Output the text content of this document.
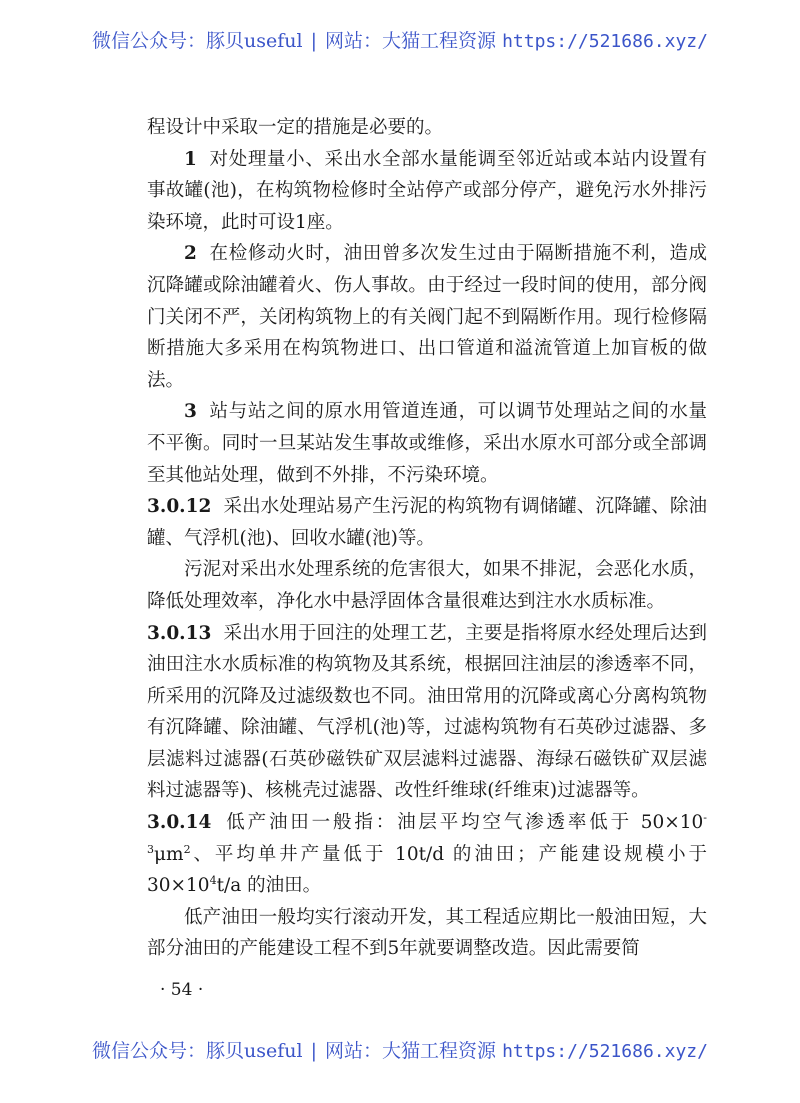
微信公众号：豚贝useful | 网站：大猫工程资源 https://521686.xyz/

程设计中采取一定的措施是必要的。

1 对处理量小、采出水全部水量能调至邻近站或本站内设置有事故罐(池)，在构筑物检修时全站停产或部分停产，避免污水外排污染环境，此时可设1座。

2 在检修动火时，油田曾多次发生过由于隔断措施不利，造成沉降罐或除油罐着火、伤人事故。由于经过一段时间的使用，部分阀门关闭不严，关闭构筑物上的有关阀门起不到隔断作用。现行检修隔断措施大多采用在构筑物进口、出口管道和溢流管道上加盲板的做法。

3 站与站之间的原水用管道连通，可以调节处理站之间的水量不平衡。同时一旦某站发生事故或维修，采出水原水可部分或全部调至其他站处理，做到不外排，不污染环境。

3.0.12 采出水处理站易产生污泥的构筑物有调储罐、沉降罐、除油罐、气浮机(池)、回收水罐(池)等。

污泥对采出水处理系统的危害很大，如果不排泥，会恶化水质，降低处理效率，净化水中悬浮固体含量很难达到注水水质标准。

3.0.13 采出水用于回注的处理工艺，主要是指将原水经处理后达到油田注水水质标准的构筑物及其系统，根据回注油层的渗透率不同，所采用的沉降及过滤级数也不同。油田常用的沉降或离心分离构筑物有沉降罐、除油罐、气浮机(池)等，过滤构筑物有石英砂过滤器、多层滤料过滤器(石英砂磁铁矿双层滤料过滤器、海绿石磁铁矿双层滤料过滤器等)、核桃壳过滤器、改性纤维球(纤维束)过滤器等。

3.0.14 低产油田一般指：油层平均空气渗透率低于 $50\times 10^{-3}\mu m^2$、平均单井产量低于 10t/d 的油田；产能建设规模小于 $30\times 10^4t/a$ 的油田。

低产油田一般均实行滚动开发，其工程适应期比一般油田短，大部分油田的产能建设工程不到5年就要调整改造。因此需要简

· 54 ·
微信公众号：豚贝useful | 网站：大猫工程资源 https://521686.xyz/
